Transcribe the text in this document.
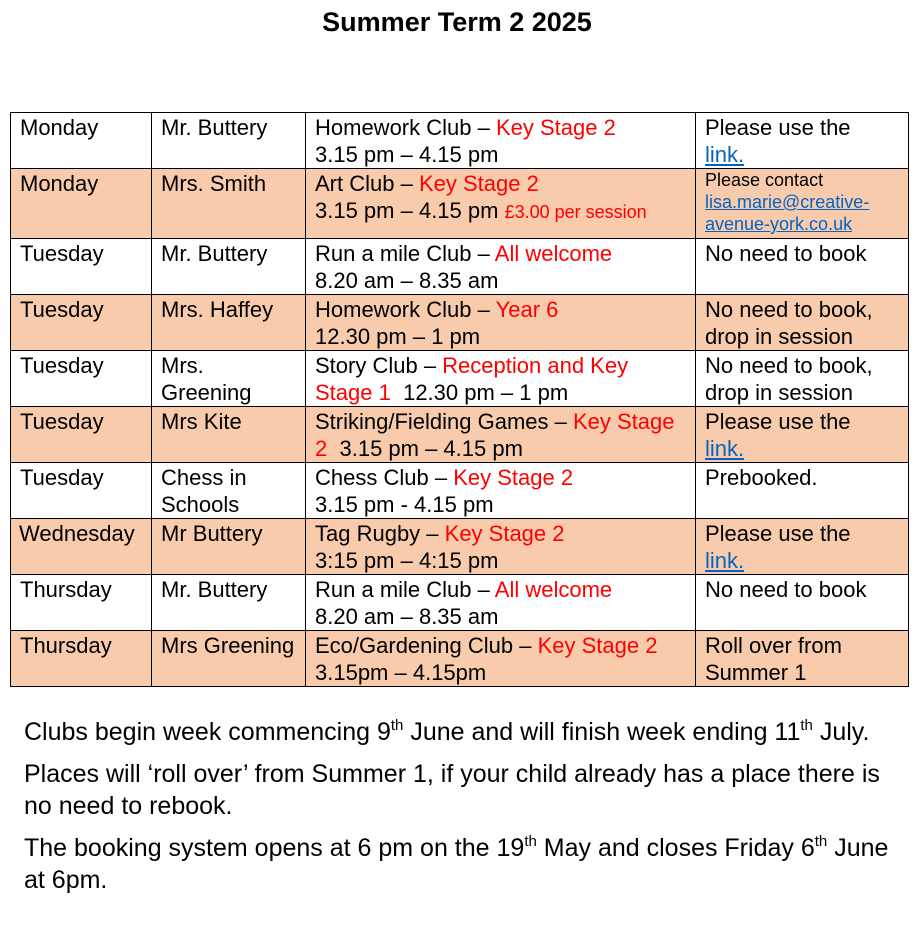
Summer Term 2 2025
Monday	Mr. Buttery	Homework Club – Key Stage 2
3.15 pm – 4.15 pm	Please use the
link.
Monday	Mrs. Smith	Art Club – Key Stage 2
3.15 pm – 4.15 pm £3.00 per session	Please contact
lisa.marie@creative-avenue-york.co.uk

Tuesday	Mr. Buttery	Run a mile Club – All welcome
8.20 am – 8.35 am	No need to book
Tuesday	Mrs. Haffey	Homework Club – Year 6
12.30 pm – 1 pm	No need to book, drop in session
Tuesday	Mrs. Greening	Story Club – Reception and Key Stage 1 12.30 pm – 1 pm	No need to book, drop in session
Tuesday	Mrs Kite	Striking/Fielding Games – Key Stage 2 3.15 pm – 4.15 pm	Please use the
link.
Tuesday	Chess in Schools	Chess Club – Key Stage 2
3.15 pm - 4.15 pm	Prebooked.
Wednesday	Mr Buttery	Tag Rugby – Key Stage 2
3:15 pm – 4:15 pm	Please use the
link.
Thursday	Mr. Buttery	Run a mile Club – All welcome
8.20 am – 8.35 am	No need to book
Thursday	Mrs Greening	Eco/Gardening Club – Key Stage 2
3.15pm – 4.15pm	Roll over from Summer 1

Clubs begin week commencing 9th June and will finish week ending 11th July.

Places will ‘roll over’ from Summer 1, if your child already has a place there is no need to rebook.

The booking system opens at 6 pm on the 19th May and closes Friday 6th June at 6pm.
